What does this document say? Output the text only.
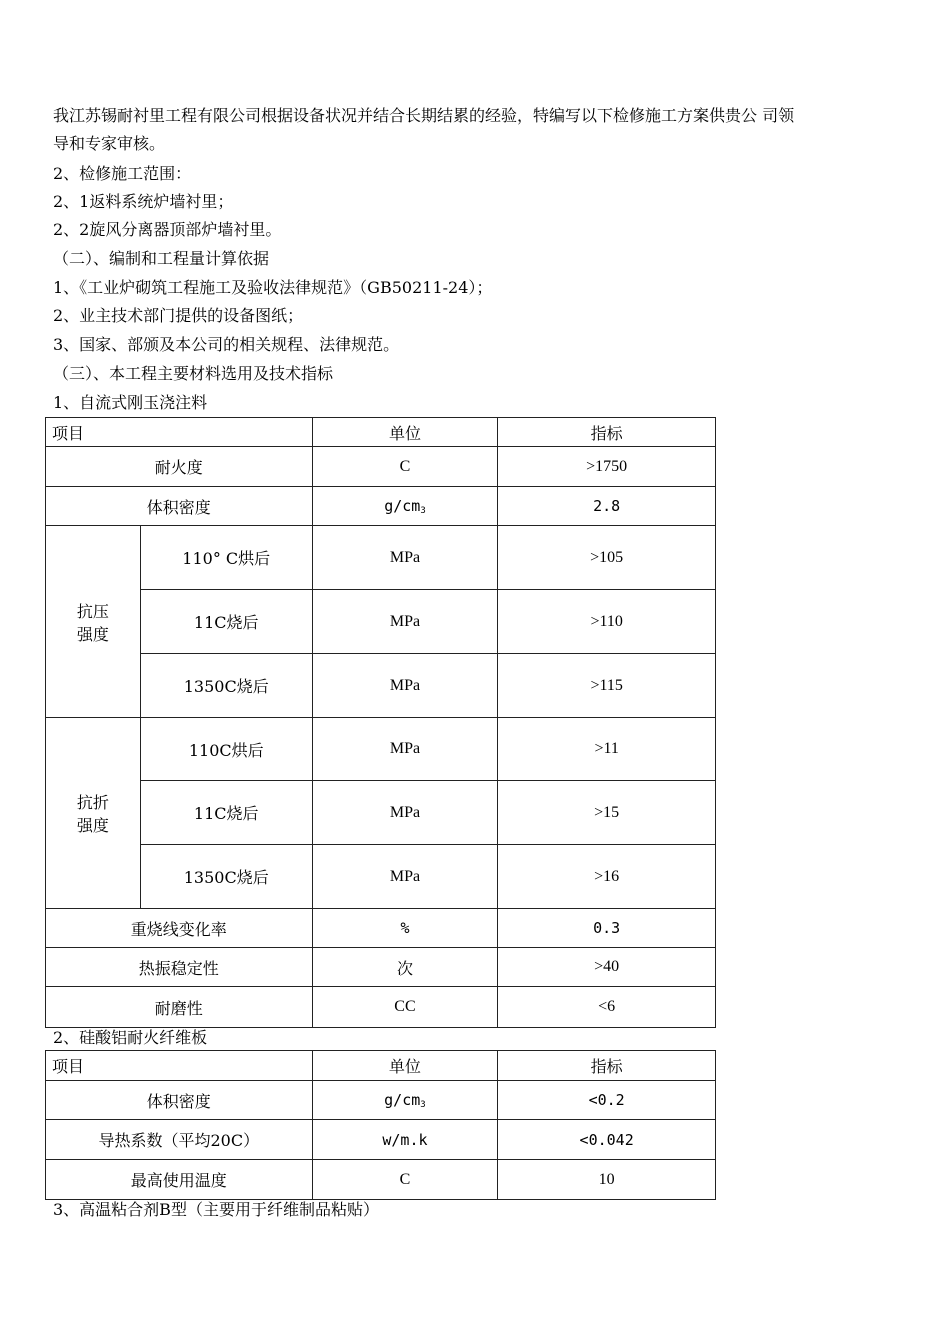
我江苏锡耐衬里工程有限公司根据设备状况并结合长期结累的经验，特编写以下检修施工方案供贵公 司领
导和专家审核。
2、检修施工范围：
2、1返料系统炉墙衬里；
2、2旋风分离器顶部炉墙衬里。
（二）、编制和工程量计算依据
1、《工业炉砌筑工程施工及验收法律规范》（GB50211-24）；
2、业主技术部门提供的设备图纸；
3、国家、部颁及本公司的相关规程、法律规范。
（三）、本工程主要材料选用及技术指标
1、自流式刚玉浇注料
项目		单位	指标
耐火度		C	>1750
体积密度		$g/cm_3$	2.8
抗压
强度	110° C烘后	MPa	>105
	11C烧后	MPa	>110
	1350C烧后	MPa	>115
抗折
强度	110C烘后	MPa	>11
	11C烧后	MPa	>15
	1350C烧后	MPa	>16
重烧线变化率		%	0.3
热振稳定性		次	>40
耐磨性		CC	<6
2、硅酸铝耐火纤维板
项目	单位	指标
体积密度	$g/cm_3$	<0.2
导热系数（平均20C）	w/m.k	<0.042
最高使用温度	C	10
3、高温粘合剂B型（主要用于纤维制品粘贴）
